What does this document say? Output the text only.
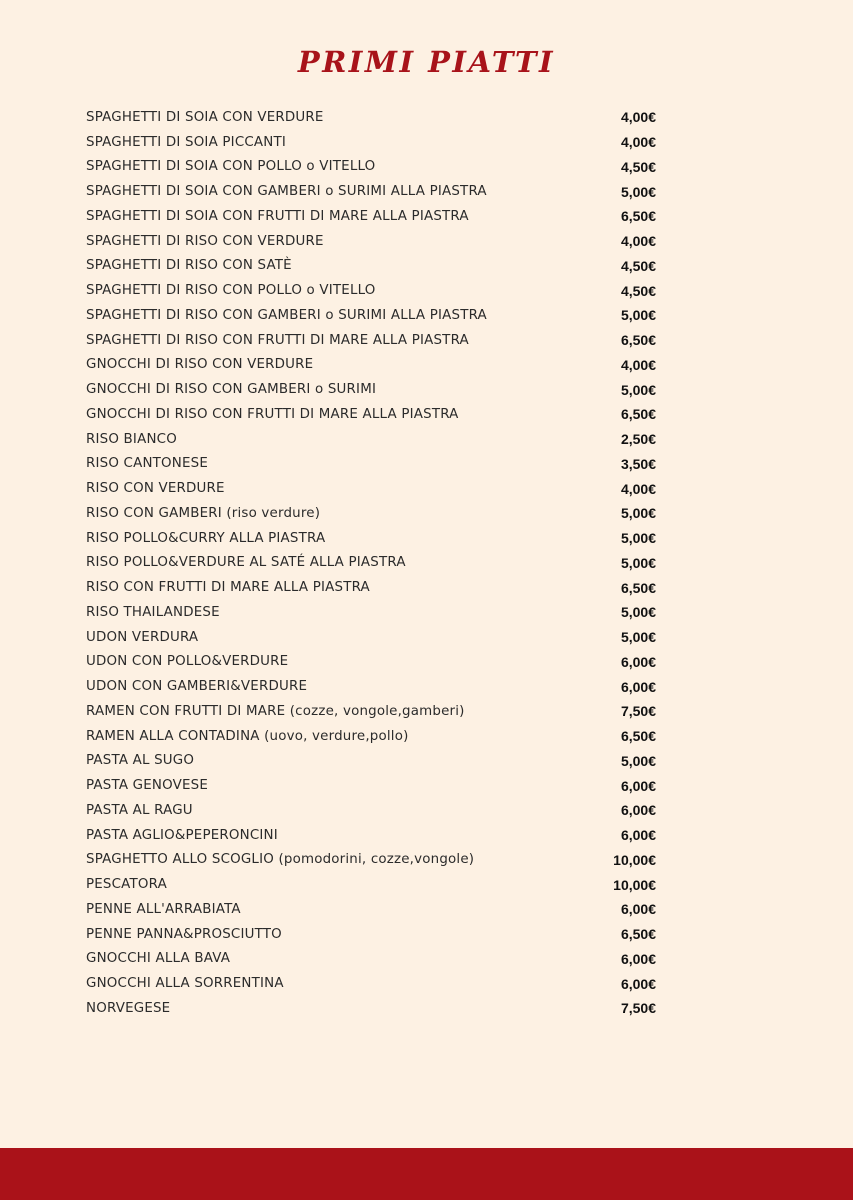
PRIMI PIATTI
SPAGHETTI DI SOIA CON VERDURE	4,00€
SPAGHETTI DI SOIA PICCANTI	4,00€
SPAGHETTI DI SOIA CON POLLO o VITELLO	4,50€
SPAGHETTI DI SOIA CON GAMBERI o SURIMI ALLA PIASTRA	5,00€
SPAGHETTI DI SOIA CON FRUTTI DI MARE ALLA PIASTRA	6,50€
SPAGHETTI DI RISO CON VERDURE	4,00€
SPAGHETTI DI RISO CON SATÈ	4,50€
SPAGHETTI DI RISO CON POLLO o VITELLO	4,50€
SPAGHETTI DI RISO CON GAMBERI o SURIMI ALLA PIASTRA	5,00€
SPAGHETTI DI RISO CON FRUTTI DI MARE ALLA PIASTRA	6,50€
GNOCCHI DI RISO CON VERDURE	4,00€
GNOCCHI DI RISO CON GAMBERI o SURIMI	5,00€
GNOCCHI DI RISO CON FRUTTI DI MARE ALLA PIASTRA	6,50€
RISO BIANCO	2,50€
RISO CANTONESE	3,50€
RISO CON VERDURE	4,00€
RISO CON GAMBERI (riso verdure)	5,00€
RISO POLLO&CURRY ALLA PIASTRA	5,00€
RISO POLLO&VERDURE AL SATÉ ALLA PIASTRA	5,00€
RISO CON FRUTTI DI MARE ALLA PIASTRA	6,50€
RISO THAILANDESE	5,00€
UDON VERDURA	5,00€
UDON CON POLLO&VERDURE	6,00€
UDON CON GAMBERI&VERDURE	6,00€
RAMEN CON FRUTTI DI MARE (cozze, vongole,gamberi)	7,50€
RAMEN ALLA CONTADINA (uovo, verdure,pollo)	6,50€
PASTA AL SUGO	5,00€
PASTA GENOVESE	6,00€
PASTA AL RAGU	6,00€
PASTA AGLIO&PEPERONCINI	6,00€
SPAGHETTO ALLO SCOGLIO (pomodorini, cozze,vongole)	10,00€
PESCATORA	10,00€
PENNE ALL'ARRABIATA	6,00€
PENNE PANNA&PROSCIUTTO	6,50€
GNOCCHI ALLA BAVA	6,00€
GNOCCHI ALLA SORRENTINA	6,00€
NORVEGESE	7,50€
